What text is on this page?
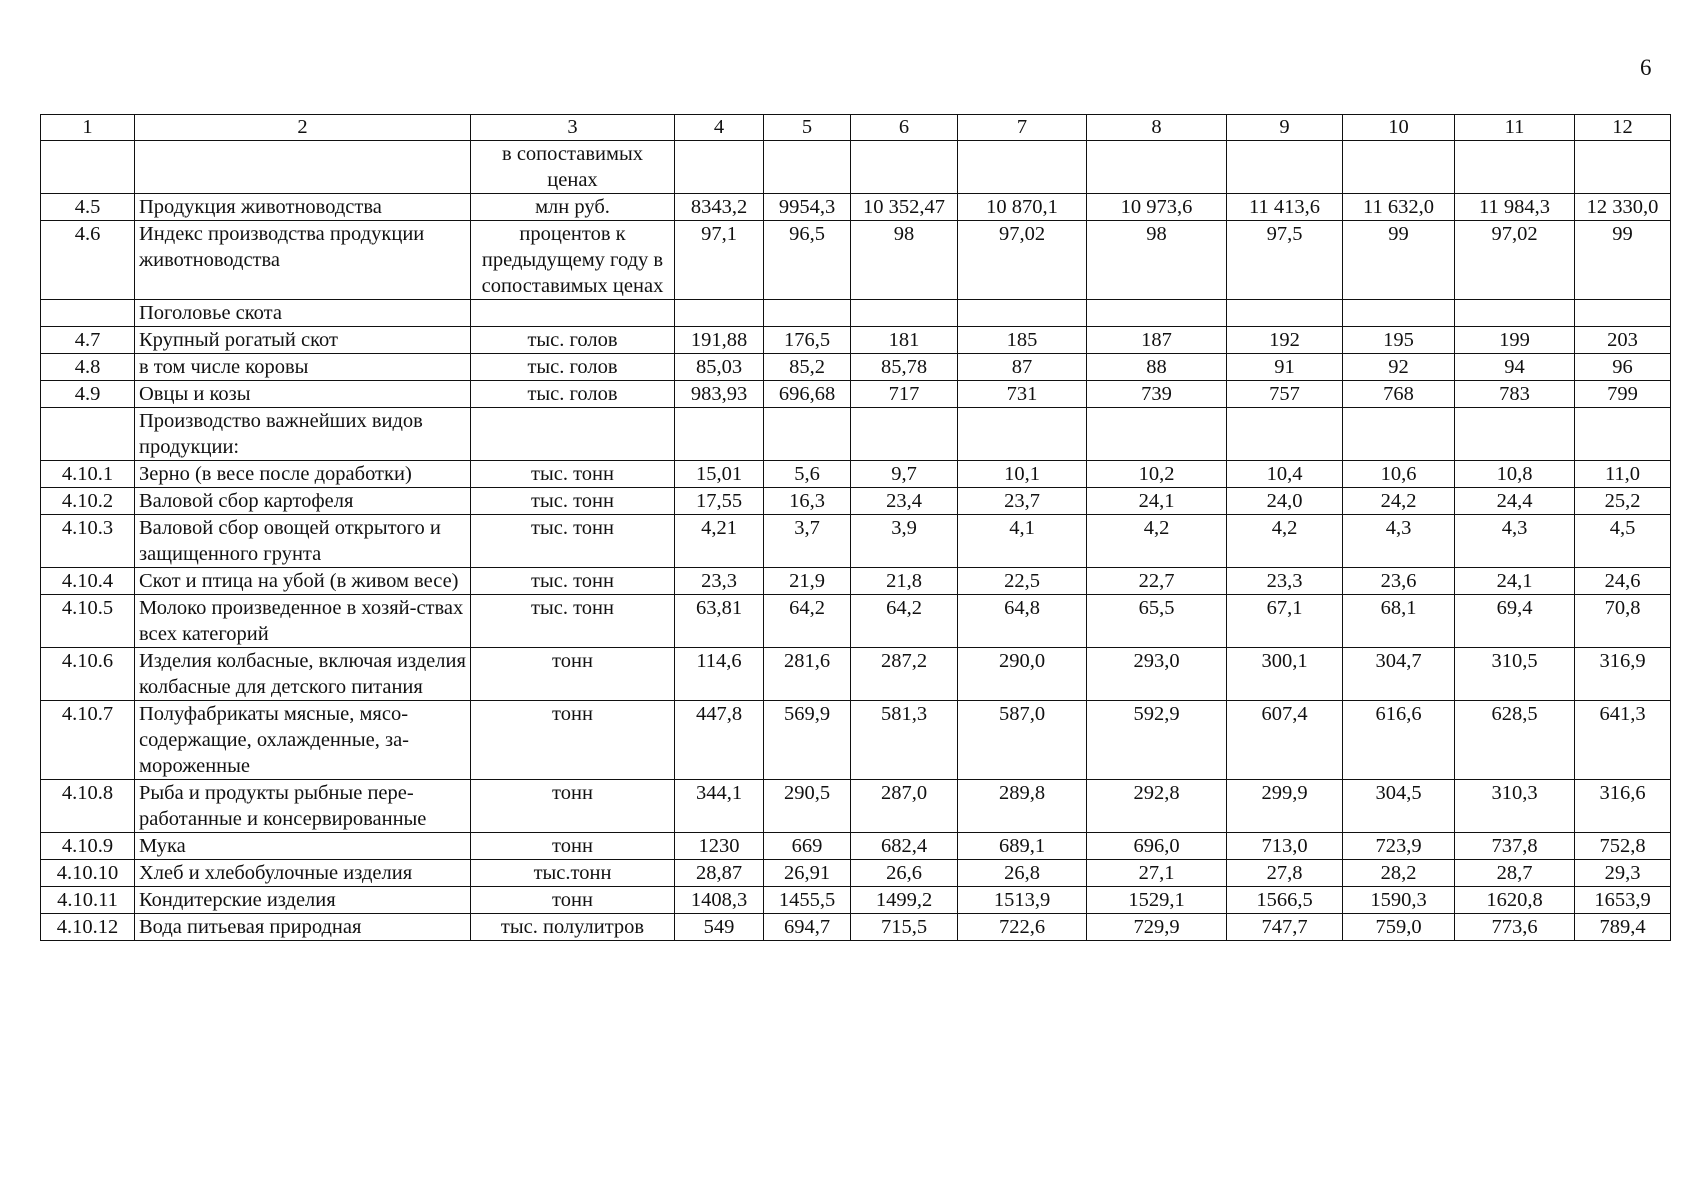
6
1	2	3	4	5	6	7	8	9	10	11	12
		в сопоставимых ценах									
4.5	Продукция животноводства	млн руб.	8343,2	9954,3	10 352,47	10 870,1	10 973,6	11 413,6	11 632,0	11 984,3	12 330,0
4.6	Индекс производства продукции животноводства	процентов к предыдущему году в сопоставимых ценах	97,1	96,5	98	97,02	98	97,5	99	97,02	99
	Поголовье скота										
4.7	Крупный рогатый скот	тыс. голов	191,88	176,5	181	185	187	192	195	199	203
4.8	в том числе коровы	тыс. голов	85,03	85,2	85,78	87	88	91	92	94	96
4.9	Овцы и козы	тыс. голов	983,93	696,68	717	731	739	757	768	783	799
	Производство важнейших видов продукции:										
4.10.1	Зерно (в весе после доработки)	тыс. тонн	15,01	5,6	9,7	10,1	10,2	10,4	10,6	10,8	11,0
4.10.2	Валовой сбор картофеля	тыс. тонн	17,55	16,3	23,4	23,7	24,1	24,0	24,2	24,4	25,2
4.10.3	Валовой сбор овощей открытого и защищенного грунта	тыс. тонн	4,21	3,7	3,9	4,1	4,2	4,2	4,3	4,3	4,5
4.10.4	Скот и птица на убой (в живом весе)	тыс. тонн	23,3	21,9	21,8	22,5	22,7	23,3	23,6	24,1	24,6
4.10.5	Молоко произведенное в хозяй-ствах всех категорий	тыс. тонн	63,81	64,2	64,2	64,8	65,5	67,1	68,1	69,4	70,8
4.10.6	Изделия колбасные, включая изделия колбасные для детского питания	тонн	114,6	281,6	287,2	290,0	293,0	300,1	304,7	310,5	316,9
4.10.7	Полуфабрикаты мясные, мясо-содержащие, охлажденные, за-мороженные	тонн	447,8	569,9	581,3	587,0	592,9	607,4	616,6	628,5	641,3
4.10.8	Рыба и продукты рыбные пере-работанные и консервированные	тонн	344,1	290,5	287,0	289,8	292,8	299,9	304,5	310,3	316,6
4.10.9	Мука	тонн	1230	669	682,4	689,1	696,0	713,0	723,9	737,8	752,8
4.10.10	Хлеб и хлебобулочные изделия	тыс.тонн	28,87	26,91	26,6	26,8	27,1	27,8	28,2	28,7	29,3
4.10.11	Кондитерские изделия	тонн	1408,3	1455,5	1499,2	1513,9	1529,1	1566,5	1590,3	1620,8	1653,9
4.10.12	Вода питьевая природная	тыс. полулитров	549	694,7	715,5	722,6	729,9	747,7	759,0	773,6	789,4
